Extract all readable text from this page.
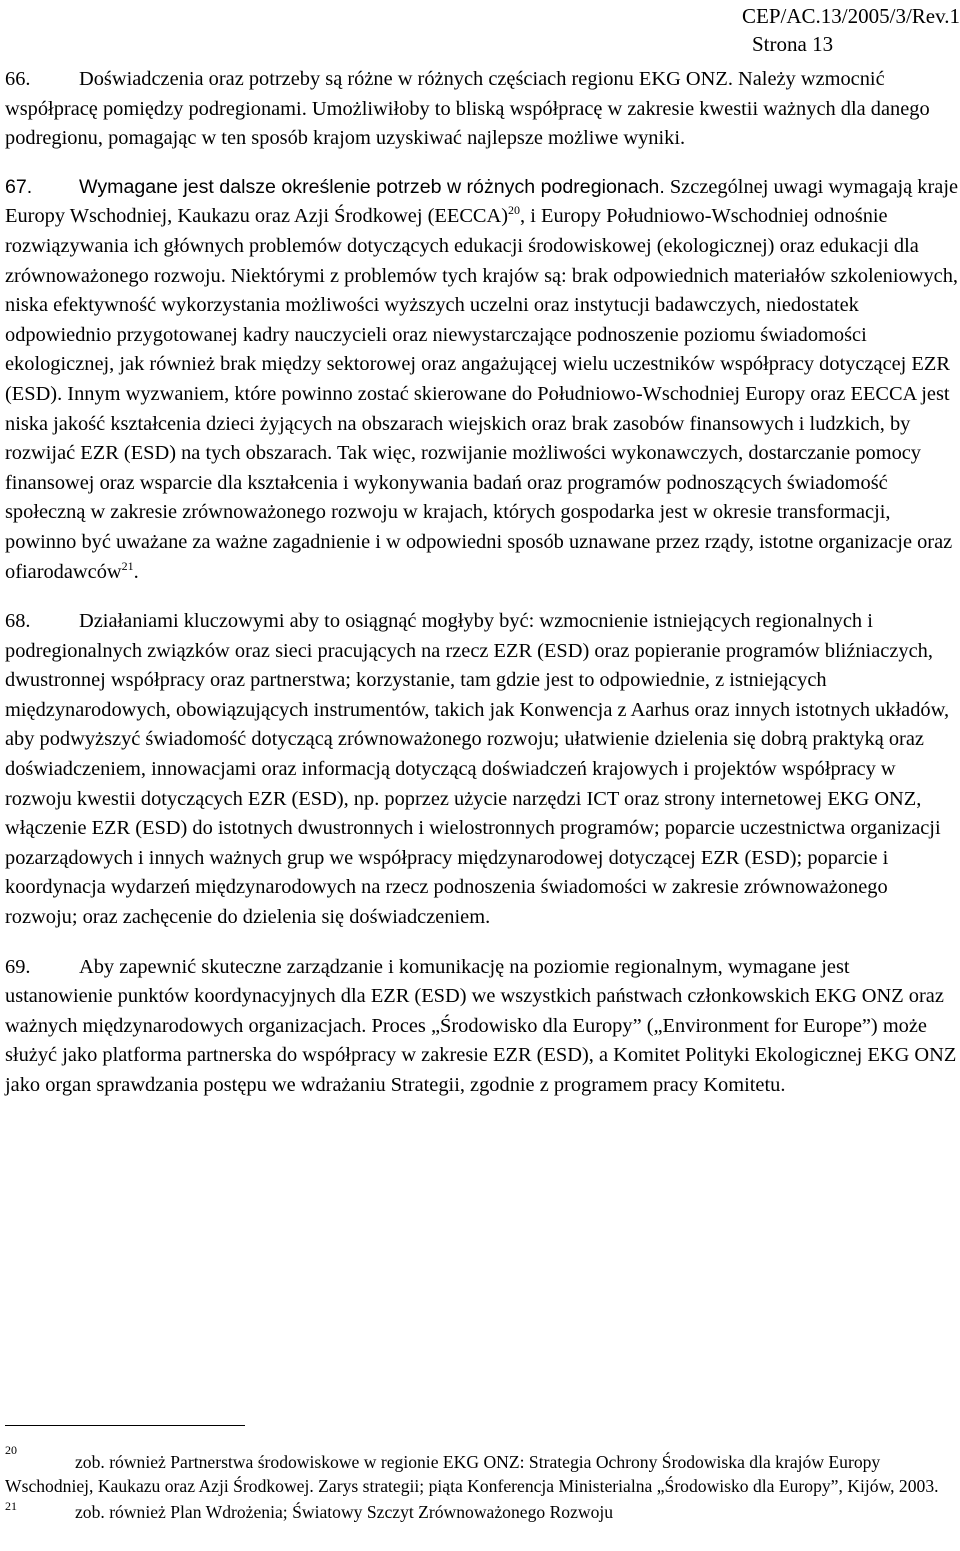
CEP/AC.13/2005/3/Rev.1
Strona 13

66. Doświadczenia oraz potrzeby są różne w różnych częściach regionu EKG ONZ. Należy wzmocnić współpracę pomiędzy podregionami. Umożliwiłoby to bliską współpracę w zakresie kwestii ważnych dla danego podregionu, pomagając w ten sposób krajom uzyskiwać najlepsze możliwe wyniki.

67. Wymagane jest dalsze określenie potrzeb w różnych podregionach. Szczególnej uwagi wymagają kraje Europy Wschodniej, Kaukazu oraz Azji Środkowej (EECCA)$^{20}$, i Europy Południowo-Wschodniej odnośnie rozwiązywania ich głównych problemów dotyczących edukacji środowiskowej (ekologicznej) oraz edukacji dla zrównoważonego rozwoju. Niektórymi z problemów tych krajów są: brak odpowiednich materiałów szkoleniowych, niska efektywność wykorzystania możliwości wyższych uczelni oraz instytucji badawczych, niedostatek odpowiednio przygotowanej kadry nauczycieli oraz niewystarczające podnoszenie poziomu świadomości ekologicznej, jak również brak między sektorowej oraz angażującej wielu uczestników współpracy dotyczącej EZR (ESD). Innym wyzwaniem, które powinno zostać skierowane do Południowo-Wschodniej Europy oraz EECCA jest niska jakość kształcenia dzieci żyjących na obszarach wiejskich oraz brak zasobów finansowych i ludzkich, by rozwijać EZR (ESD) na tych obszarach. Tak więc, rozwijanie możliwości wykonawczych, dostarczanie pomocy finansowej oraz wsparcie dla kształcenia i wykonywania badań oraz programów podnoszących świadomość społeczną w zakresie zrównoważonego rozwoju w krajach, których gospodarka jest w okresie transformacji, powinno być uważane za ważne zagadnienie i w odpowiedni sposób uznawane przez rządy, istotne organizacje oraz ofiarodawców$^{21}$.

68. Działaniami kluczowymi aby to osiągnąć mogłyby być: wzmocnienie istniejących regionalnych i podregionalnych związków oraz sieci pracujących na rzecz EZR (ESD) oraz popieranie programów bliźniaczych, dwustronnej współpracy oraz partnerstwa; korzystanie, tam gdzie jest to odpowiednie, z istniejących międzynarodowych, obowiązujących instrumentów, takich jak Konwencja z Aarhus oraz innych istotnych układów, aby podwyższyć świadomość dotyczącą zrównoważonego rozwoju; ułatwienie dzielenia się dobrą praktyką oraz doświadczeniem, innowacjami oraz informacją dotyczącą doświadczeń krajowych i projektów współpracy w rozwoju kwestii dotyczących EZR (ESD), np. poprzez użycie narzędzi ICT oraz strony internetowej EKG ONZ, włączenie EZR (ESD) do istotnych dwustronnych i wielostronnych programów; poparcie uczestnictwa organizacji pozarządowych i innych ważnych grup we współpracy międzynarodowej dotyczącej EZR (ESD); poparcie i koordynacja wydarzeń międzynarodowych na rzecz podnoszenia świadomości w zakresie zrównoważonego rozwoju; oraz zachęcenie do dzielenia się doświadczeniem.

69. Aby zapewnić skuteczne zarządzanie i komunikację na poziomie regionalnym, wymagane jest ustanowienie punktów koordynacyjnych dla EZR (ESD) we wszystkich państwach członkowskich EKG ONZ oraz ważnych międzynarodowych organizacjach. Proces „Środowisko dla Europy” („Environment for Europe”) może służyć jako platforma partnerska do współpracy w zakresie EZR (ESD), a Komitet Polityki Ekologicznej EKG ONZ jako organ sprawdzania postępu we wdrażaniu Strategii, zgodnie z programem pracy Komitetu.

20
zob. również Partnerstwa środowiskowe w regionie EKG ONZ: Strategia Ochrony Środowiska dla krajów Europy Wschodniej, Kaukazu oraz Azji Środkowej. Zarys strategii; piąta Konferencja Ministerialna „Środowisko dla Europy”, Kijów, 2003.
21	zob. również Plan Wdrożenia; Światowy Szczyt Zrównoważonego Rozwoju
